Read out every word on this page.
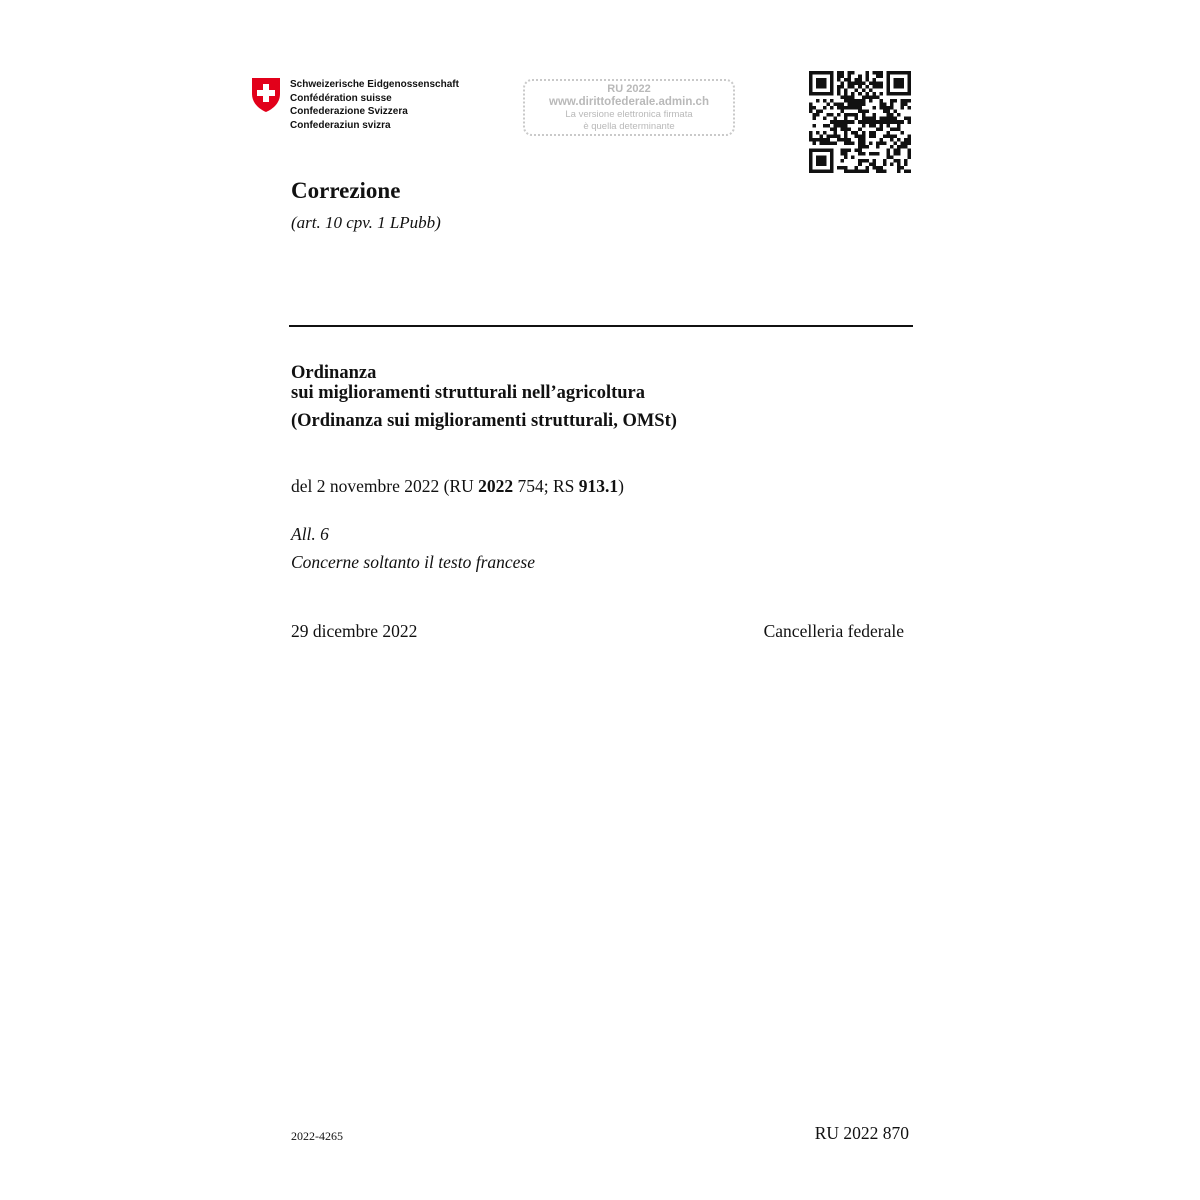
Schweizerische Eidgenossenschaft
Confédération suisse
Confederazione Svizzera
Confederaziun svizra
RU 2022
www.dirittofederale.admin.ch
La versione elettronica firmata
è quella determinante
Correzione
(art. 10 cpv. 1 LPubb)
Ordinanza
sui miglioramenti strutturali nell’agricoltura
(Ordinanza sui miglioramenti strutturali, OMSt)
del 2 novembre 2022 (RU 2022 754; RS 913.1)
All. 6
Concerne soltanto il testo francese
29 dicembre 2022	Cancelleria federale
2022-4265	RU 2022 870
